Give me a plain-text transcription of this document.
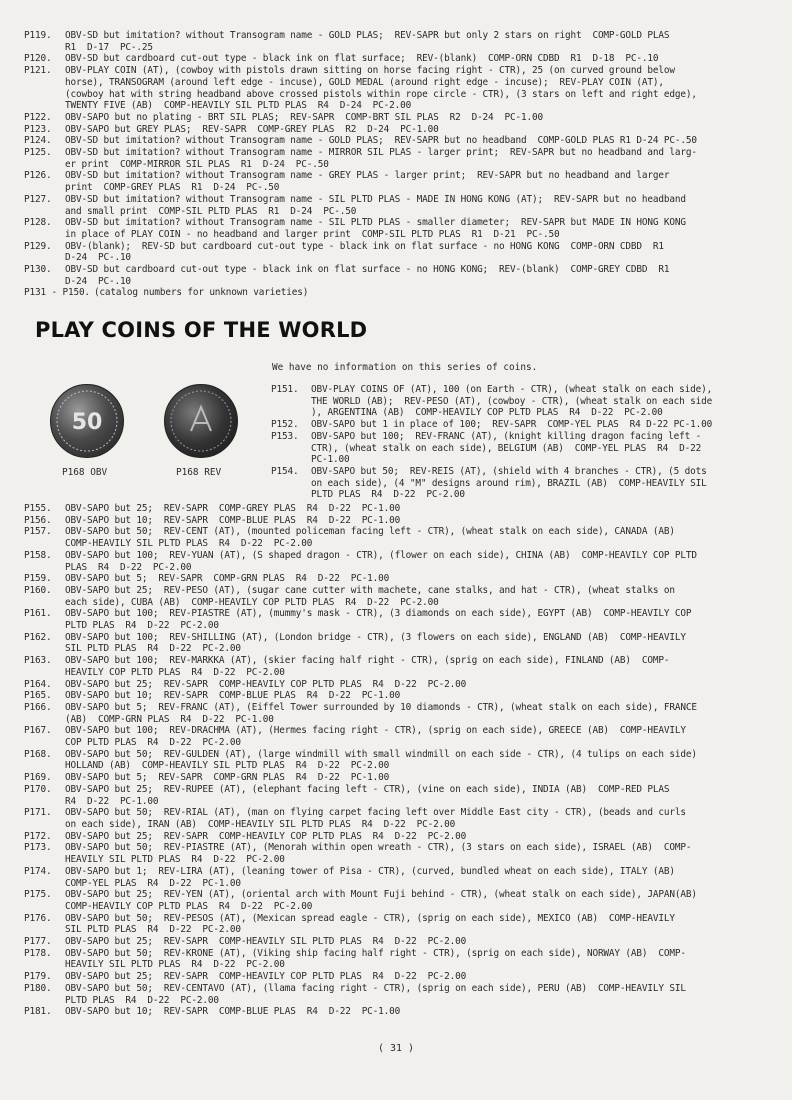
P119.	OBV-SD but imitation? without Transogram name - GOLD PLAS;  REV-SAPR but only 2 stars on right  COMP-GOLD PLAS
R1  D-17  PC-.25
P120.	OBV-SD but cardboard cut-out type - black ink on flat surface;  REV-(blank)  COMP-ORN CDBD  R1  D-18  PC-.10
P121.	OBV-PLAY COIN (AT), (cowboy with pistols drawn sitting on horse facing right - CTR), 25 (on curved ground below
horse), TRANSOGRAM (around left edge - incuse), GOLD MEDAL (around right edge - incuse);  REV-PLAY COIN (AT),
(cowboy hat with string headband above crossed pistols within rope circle - CTR), (3 stars on left and right edge),
TWENTY FIVE (AB)  COMP-HEAVILY SIL PLTD PLAS  R4  D-24  PC-2.00
P122.	OBV-SAPO but no plating - BRT SIL PLAS;  REV-SAPR  COMP-BRT SIL PLAS  R2  D-24  PC-1.00
P123.	OBV-SAPO but GREY PLAS;  REV-SAPR  COMP-GREY PLAS  R2  D-24  PC-1.00
P124.	OBV-SD but imitation? without Transogram name - GOLD PLAS;  REV-SAPR but no headband  COMP-GOLD PLAS R1 D-24 PC-.50
P125.	OBV-SD but imitation? without Transogram name - MIRROR SIL PLAS - larger print;  REV-SAPR but no headband and larg-
er print  COMP-MIRROR SIL PLAS  R1  D-24  PC-.50
P126.	OBV-SD but imitation? without Transogram name - GREY PLAS - larger print;  REV-SAPR but no headband and larger
print  COMP-GREY PLAS  R1  D-24  PC-.50
P127.	OBV-SD but imitation? without Transogram name - SIL PLTD PLAS - MADE IN HONG KONG (AT);  REV-SAPR but no headband
and small print  COMP-SIL PLTD PLAS  R1  D-24  PC-.50
P128.	OBV-SD but imitation? without Transogram name - SIL PLTD PLAS - smaller diameter;  REV-SAPR but MADE IN HONG KONG
in place of PLAY COIN - no headband and larger print  COMP-SIL PLTD PLAS  R1  D-21  PC-.50
P129.	OBV-(blank);  REV-SD but cardboard cut-out type - black ink on flat surface - no HONG KONG  COMP-ORN CDBD  R1
D-24  PC-.10
P130.	OBV-SD but cardboard cut-out type - black ink on flat surface - no HONG KONG;  REV-(blank)  COMP-GREY CDBD  R1
D-24  PC-.10
P131 - P150. (catalog numbers for unknown varieties)
PLAY COINS OF THE WORLD
We have no information on this series of coins.
50
P168 OBV	P168 REV
P151.	OBV-PLAY COINS OF (AT), 100 (on Earth - CTR), (wheat stalk on each side),
THE WORLD (AB);  REV-PESO (AT), (cowboy - CTR), (wheat stalk on each side
), ARGENTINA (AB)  COMP-HEAVILY COP PLTD PLAS  R4  D-22  PC-2.00
P152.	OBV-SAPO but 1 in place of 100;  REV-SAPR  COMP-YEL PLAS  R4 D-22 PC-1.00
P153.	OBV-SAPO but 100;  REV-FRANC (AT), (knight killing dragon facing left -
CTR), (wheat stalk on each side), BELGIUM (AB)  COMP-YEL PLAS  R4  D-22
PC-1.00
P154.	OBV-SAPO but 50;  REV-REIS (AT), (shield with 4 branches - CTR), (5 dots
on each side), (4 "M" designs around rim), BRAZIL (AB)  COMP-HEAVILY SIL
PLTD PLAS  R4  D-22  PC-2.00
P155.	OBV-SAPO but 25;  REV-SAPR  COMP-GREY PLAS  R4  D-22  PC-1.00
P156.	OBV-SAPO but 10;  REV-SAPR  COMP-BLUE PLAS  R4  D-22  PC-1.00
P157.	OBV-SAPO but 50;  REV-CENT (AT), (mounted policeman facing left - CTR), (wheat stalk on each side), CANADA (AB)
COMP-HEAVILY SIL PLTD PLAS  R4  D-22  PC-2.00
P158.	OBV-SAPO but 100;  REV-YUAN (AT), (S shaped dragon - CTR), (flower on each side), CHINA (AB)  COMP-HEAVILY COP PLTD
PLAS  R4  D-22  PC-2.00
P159.	OBV-SAPO but 5;  REV-SAPR  COMP-GRN PLAS  R4  D-22  PC-1.00
P160.	OBV-SAPO but 25;  REV-PESO (AT), (sugar cane cutter with machete, cane stalks, and hat - CTR), (wheat stalks on
each side), CUBA (AB)  COMP-HEAVILY COP PLTD PLAS  R4  D-22  PC-2.00
P161.	OBV-SAPO but 100;  REV-PIASTRE (AT), (mummy's mask - CTR), (3 diamonds on each side), EGYPT (AB)  COMP-HEAVILY COP
PLTD PLAS  R4  D-22  PC-2.00
P162.	OBV-SAPO but 100;  REV-SHILLING (AT), (London bridge - CTR), (3 flowers on each side), ENGLAND (AB)  COMP-HEAVILY
SIL PLTD PLAS  R4  D-22  PC-2.00
P163.	OBV-SAPO but 100;  REV-MARKKA (AT), (skier facing half right - CTR), (sprig on each side), FINLAND (AB)  COMP-
HEAVILY COP PLTD PLAS  R4  D-22  PC-2.00
P164.	OBV-SAPO but 25;  REV-SAPR  COMP-HEAVILY COP PLTD PLAS  R4  D-22  PC-2.00
P165.	OBV-SAPO but 10;  REV-SAPR  COMP-BLUE PLAS  R4  D-22  PC-1.00
P166.	OBV-SAPO but 5;  REV-FRANC (AT), (Eiffel Tower surrounded by 10 diamonds - CTR), (wheat stalk on each side), FRANCE
(AB)  COMP-GRN PLAS  R4  D-22  PC-1.00
P167.	OBV-SAPO but 100;  REV-DRACHMA (AT), (Hermes facing right - CTR), (sprig on each side), GREECE (AB)  COMP-HEAVILY
COP PLTD PLAS  R4  D-22  PC-2.00
P168.	OBV-SAPO but 50;  REV-GULDEN (AT), (large windmill with small windmill on each side - CTR), (4 tulips on each side)
HOLLAND (AB)  COMP-HEAVILY SIL PLTD PLAS  R4  D-22  PC-2.00
P169.	OBV-SAPO but 5;  REV-SAPR  COMP-GRN PLAS  R4  D-22  PC-1.00
P170.	OBV-SAPO but 25;  REV-RUPEE (AT), (elephant facing left - CTR), (vine on each side), INDIA (AB)  COMP-RED PLAS
R4  D-22  PC-1.00
P171.	OBV-SAPO but 50;  REV-RIAL (AT), (man on flying carpet facing left over Middle East city - CTR), (beads and curls
on each side), IRAN (AB)  COMP-HEAVILY SIL PLTD PLAS  R4  D-22  PC-2.00
P172.	OBV-SAPO but 25;  REV-SAPR  COMP-HEAVILY COP PLTD PLAS  R4  D-22  PC-2.00
P173.	OBV-SAPO but 50;  REV-PIASTRE (AT), (Menorah within open wreath - CTR), (3 stars on each side), ISRAEL (AB)  COMP-
HEAVILY SIL PLTD PLAS  R4  D-22  PC-2.00
P174.	OBV-SAPO but 1;  REV-LIRA (AT), (leaning tower of Pisa - CTR), (curved, bundled wheat on each side), ITALY (AB)
COMP-YEL PLAS  R4  D-22  PC-1.00
P175.	OBV-SAPO but 25;  REV-YEN (AT), (oriental arch with Mount Fuji behind - CTR), (wheat stalk on each side), JAPAN(AB)
COMP-HEAVILY COP PLTD PLAS  R4  D-22  PC-2.00
P176.	OBV-SAPO but 50;  REV-PESOS (AT), (Mexican spread eagle - CTR), (sprig on each side), MEXICO (AB)  COMP-HEAVILY
SIL PLTD PLAS  R4  D-22  PC-2.00
P177.	OBV-SAPO but 25;  REV-SAPR  COMP-HEAVILY SIL PLTD PLAS  R4  D-22  PC-2.00
P178.	OBV-SAPO but 50;  REV-KRONE (AT), (Viking ship facing half right - CTR), (sprig on each side), NORWAY (AB)  COMP-
HEAVILY SIL PLTD PLAS  R4  D-22  PC-2.00
P179.	OBV-SAPO but 25;  REV-SAPR  COMP-HEAVILY COP PLTD PLAS  R4  D-22  PC-2.00
P180.	OBV-SAPO but 50;  REV-CENTAVO (AT), (llama facing right - CTR), (sprig on each side), PERU (AB)  COMP-HEAVILY SIL
PLTD PLAS  R4  D-22  PC-2.00
P181.	OBV-SAPO but 10;  REV-SAPR  COMP-BLUE PLAS  R4  D-22  PC-1.00
( 31 )
